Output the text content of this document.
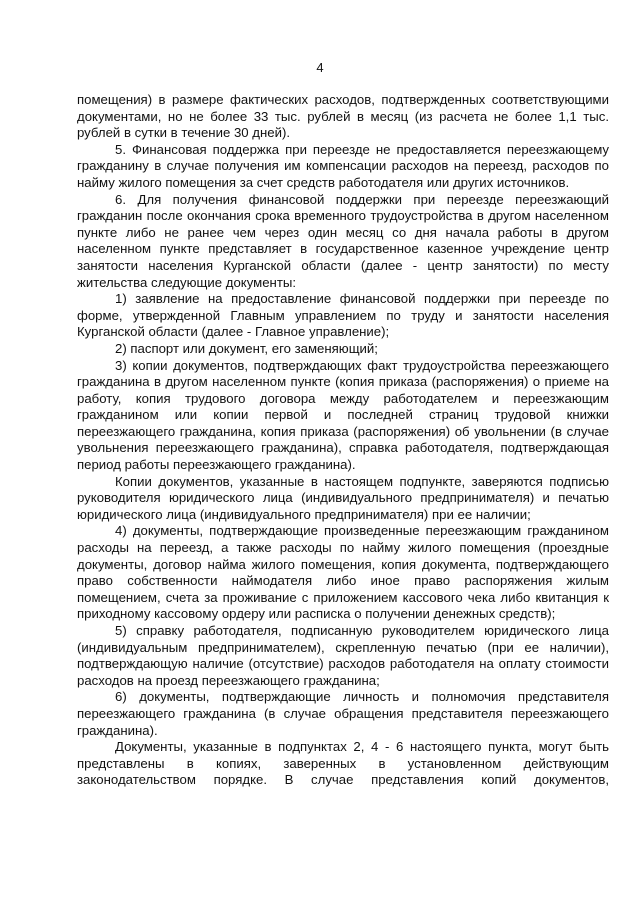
4

помещения) в размере фактических расходов, подтвержденных соответствующими документами, но не более 33 тыс. рублей в месяц (из расчета не более 1,1 тыс. рублей в сутки в течение 30 дней).

5. Финансовая поддержка при переезде не предоставляется переезжающему гражданину в случае получения им компенсации расходов на переезд, расходов по найму жилого помещения за счет средств работодателя или других источников.

6. Для получения финансовой поддержки при переезде переезжающий гражданин после окончания срока временного трудоустройства в другом населенном пункте либо не ранее чем через один месяц со дня начала работы в другом населенном пункте представляет в государственное казенное учреждение центр занятости населения Курганской области (далее - центр занятости) по месту жительства следующие документы:

1) заявление на предоставление финансовой поддержки при переезде по форме, утвержденной Главным управлением по труду и занятости населения Курганской области (далее - Главное управление);

2) паспорт или документ, его заменяющий;

3) копии документов, подтверждающих факт трудоустройства переезжающего гражданина в другом населенном пункте (копия приказа (распоряжения) о приеме на работу, копия трудового договора между работодателем и переезжающим гражданином или копии первой и последней страниц трудовой книжки переезжающего гражданина, копия приказа (распоряжения) об увольнении (в случае увольнения переезжающего гражданина), справка работодателя, подтверждающая период работы переезжающего гражданина).

Копии документов, указанные в настоящем подпункте, заверяются подписью руководителя юридического лица (индивидуального предпринимателя) и печатью юридического лица (индивидуального предпринимателя) при ее наличии;

4) документы, подтверждающие произведенные переезжающим гражданином расходы на переезд, а также расходы по найму жилого помещения (проездные документы, договор найма жилого помещения, копия документа, подтверждающего право собственности наймодателя либо иное право распоряжения жилым помещением, счета за проживание с приложением кассового чека либо квитанция к приходному кассовому ордеру или расписка о получении денежных средств);

5) справку работодателя, подписанную руководителем юридического лица (индивидуальным предпринимателем), скрепленную печатью (при ее наличии), подтверждающую наличие (отсутствие) расходов работодателя на оплату стоимости расходов на проезд переезжающего гражданина;

6) документы, подтверждающие личность и полномочия представителя переезжающего гражданина (в случае обращения представителя переезжающего гражданина).

Документы, указанные в подпунктах 2, 4 - 6 настоящего пункта, могут быть представлены в копиях, заверенных в установленном действующим законодательством порядке. В случае представления копий документов,
